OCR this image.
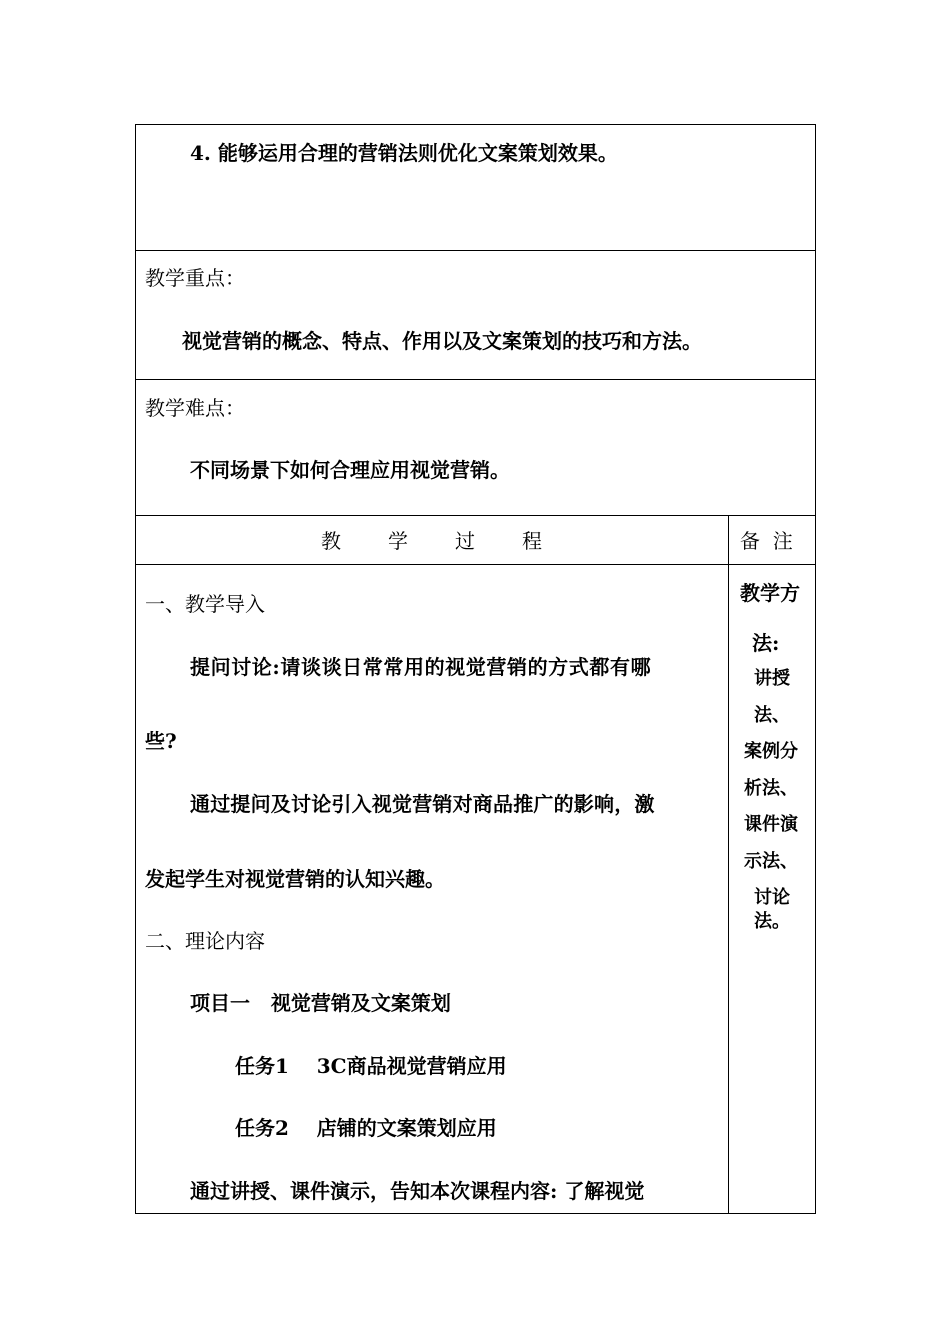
4. 能够运用合理的营销法则优化文案策划效果。
教学重点：
视觉营销的概念、特点、作用以及文案策划的技巧和方法。
教学难点：
不同场景下如何合理应用视觉营销。
教 学 过 程	备  注
一、教学导入
提问讨论:请谈谈日常常用的视觉营销的方式都有哪
些?
通过提问及讨论引入视觉营销对商品推广的影响，激
发起学生对视觉营销的认知兴趣。
二、理论内容
项目一   视觉营销及文案策划
任务1    3C商品视觉营销应用
任务2    店铺的文案策划应用
通过讲授、课件演示，告知本次课程内容: 了解视觉
教学方
法:
讲授
法、
案例分
析法、
课件演
示法、
讨论
法。
